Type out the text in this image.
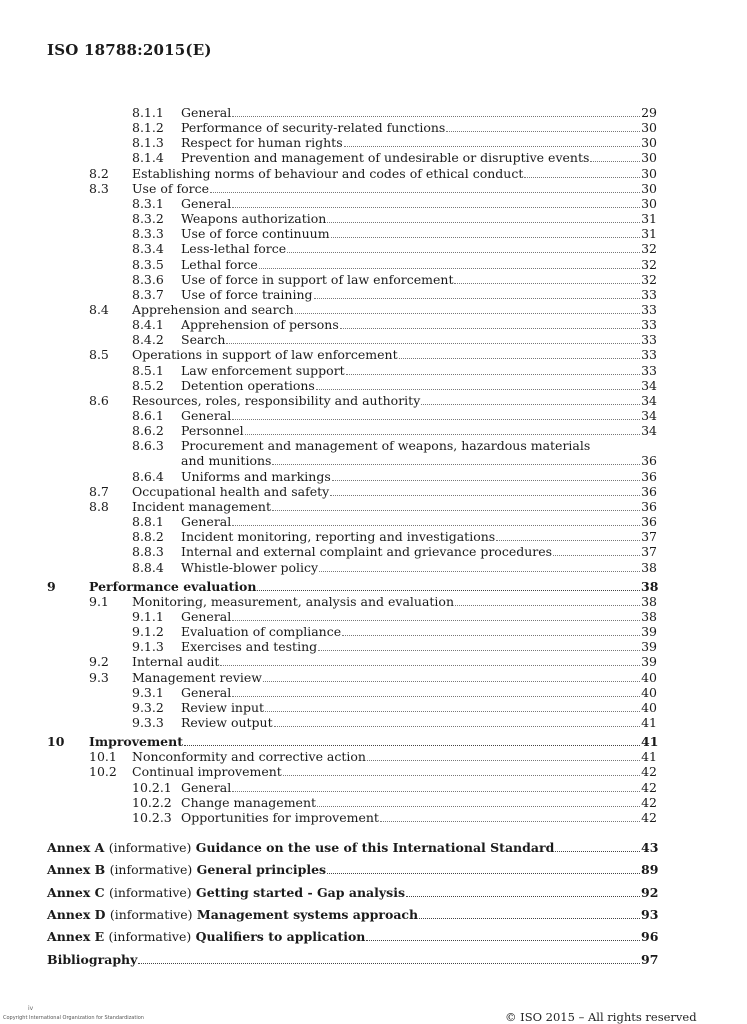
ISO 18788:2015(E)
8.1.1 General	29
8.1.2 Performance of security-related functions	30
8.1.3 Respect for human rights	30
8.1.4 Prevention and management of undesirable or disruptive events	30
8.2 Establishing norms of behaviour and codes of ethical conduct	30
8.3 Use of force	30
8.3.1 General	30
8.3.2 Weapons authorization	31
8.3.3 Use of force continuum	31
8.3.4 Less-lethal force	32
8.3.5 Lethal force	32
8.3.6 Use of force in support of law enforcement	32
8.3.7 Use of force training	33
8.4 Apprehension and search	33
8.4.1 Apprehension of persons	33
8.4.2 Search	33
8.5 Operations in support of law enforcement	33
8.5.1 Law enforcement support	33
8.5.2 Detention operations	34
8.6 Resources, roles, responsibility and authority	34
8.6.1 General	34
8.6.2 Personnel	34
8.6.3 Procurement and management of weapons, hazardous materials
and munitions	36
8.6.4 Uniforms and markings	36
8.7 Occupational health and safety	36
8.8 Incident management	36
8.8.1 General	36
8.8.2 Incident monitoring, reporting and investigations	37
8.8.3 Internal and external complaint and grievance procedures	37
8.8.4 Whistle-blower policy	38
9	Performance evaluation	38
9.1 Monitoring, measurement, analysis and evaluation	38
9.1.1 General	38
9.1.2 Evaluation of compliance	39
9.1.3 Exercises and testing	39
9.2 Internal audit	39
9.3 Management review	40
9.3.1 General	40
9.3.2 Review input	40
9.3.3 Review output	41
10 Improvement	41
10.1 Nonconformity and corrective action	41
10.2 Continual improvement	42
10.2.1 General	42
10.2.2 Change management	42
10.2.3 Opportunities for improvement	42
Annex A (informative) Guidance on the use of this International Standard	43
Annex B (informative) General principles	89
Annex C (informative) Getting started - Gap analysis	92
Annex D (informative) Management systems approach	93
Annex E (informative) Qualifiers to application	96
Bibliography	97
iv
Copyright International Organization for Standardization	© ISO 2015 – All rights reserved
